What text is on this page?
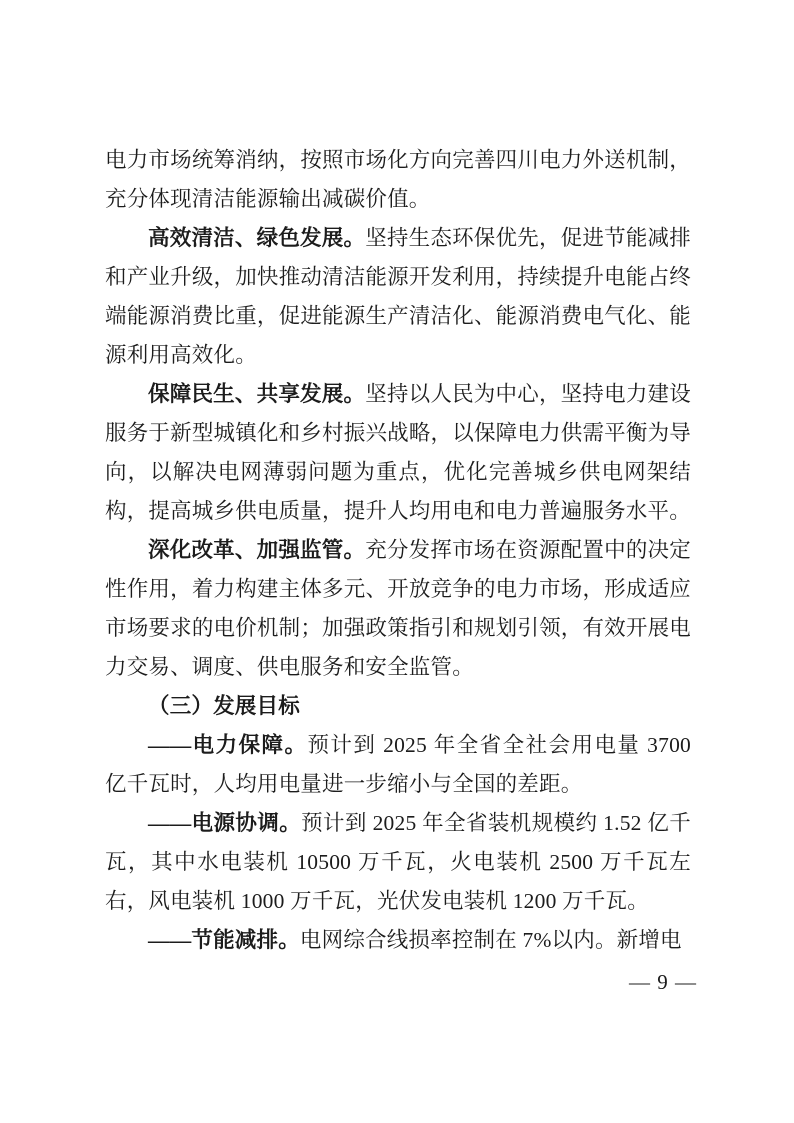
电力市场统筹消纳，按照市场化方向完善四川电力外送机制，充分体现清洁能源输出减碳价值。

高效清洁、绿色发展。坚持生态环保优先，促进节能减排和产业升级，加快推动清洁能源开发利用，持续提升电能占终端能源消费比重，促进能源生产清洁化、能源消费电气化、能源利用高效化。

保障民生、共享发展。坚持以人民为中心，坚持电力建设服务于新型城镇化和乡村振兴战略，以保障电力供需平衡为导向，以解决电网薄弱问题为重点，优化完善城乡供电网架结构，提高城乡供电质量，提升人均用电和电力普遍服务水平。

深化改革、加强监管。充分发挥市场在资源配置中的决定性作用，着力构建主体多元、开放竞争的电力市场，形成适应市场要求的电价机制；加强政策指引和规划引领，有效开展电力交易、调度、供电服务和安全监管。

（三）发展目标

——电力保障。预计到 2025 年全省全社会用电量 3700 亿千瓦时，人均用电量进一步缩小与全国的差距。

——电源协调。预计到 2025 年全省装机规模约 1.52 亿千瓦，其中水电装机 10500 万千瓦，火电装机 2500 万千瓦左右，风电装机 1000 万千瓦，光伏发电装机 1200 万千瓦。

——节能减排。电网综合线损率控制在 7%以内。新增电

— 9 —
